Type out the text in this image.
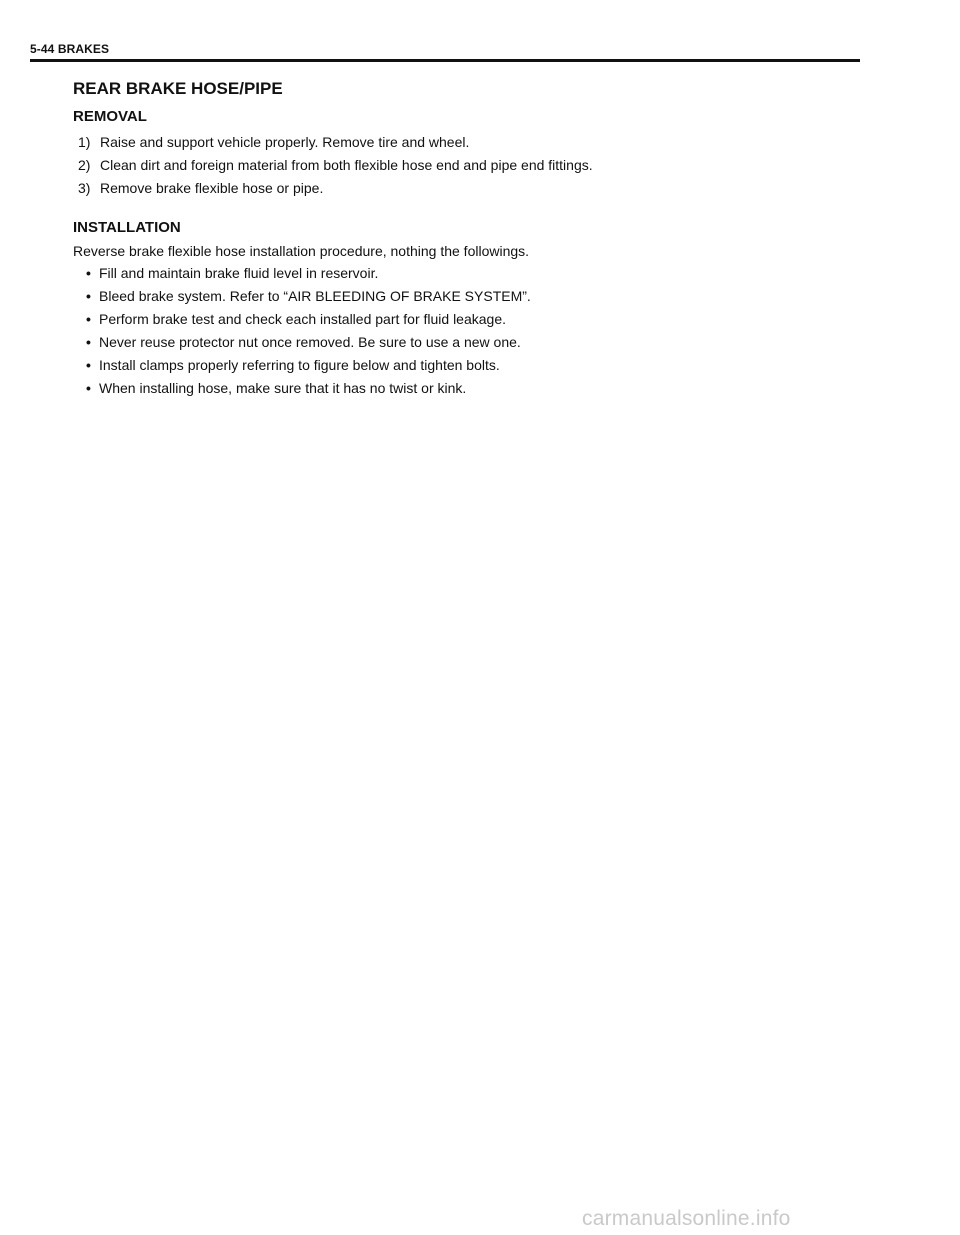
5-44 BRAKES
REAR BRAKE HOSE/PIPE
REMOVAL
1) Raise and support vehicle properly. Remove tire and wheel.
2) Clean dirt and foreign material from both flexible hose end and pipe end fittings.
3) Remove brake flexible hose or pipe.
INSTALLATION
Reverse brake flexible hose installation procedure, nothing the followings.
• Fill and maintain brake fluid level in reservoir.
• Bleed brake system. Refer to “AIR BLEEDING OF BRAKE SYSTEM”.
• Perform brake test and check each installed part for fluid leakage.
• Never reuse protector nut once removed. Be sure to use a new one.
• Install clamps properly referring to figure below and tighten bolts.
• When installing hose, make sure that it has no twist or kink.
carmanualsonline.info
